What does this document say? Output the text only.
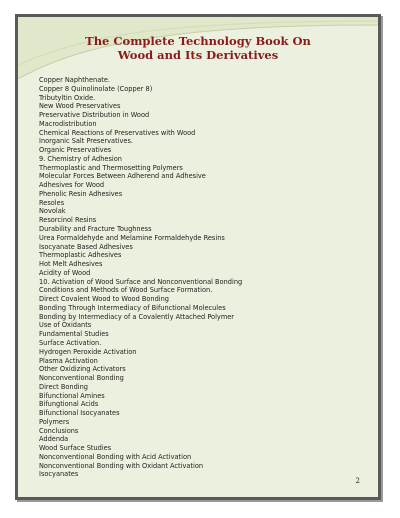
The Complete Technology Book On
Wood and Its Derivatives
Copper Naphthenate.
Copper 8 Quinolinolate (Copper 8)
Tributyltin Oxide.
New Wood Preservatives
Preservative Distribution in Wood
Macrodistribution
Chemical Reactions of Preservatives with Wood
Inorganic Salt Preservatives.
Organic Preservatives
9. Chemistry of Adhesion
Thermoplastic and Thermosetting Polymers
Molecular Forces Between Adherend and Adhesive
Adhesives for Wood
Phenolic Resin Adhesives
Resoles
Novolak
Resorcinol Resins
Durability and Fracture Toughness
Urea Formaldehyde and Melamine Formaldehyde Resins
Isocyanate Based Adhesives
Thermoplastic Adhesives
Hot Melt Adhesives
Acidity of Wood
10. Activation of Wood Surface and Nonconventional Bonding
Conditions and Methods of Wood Surface Formation.
Direct Covalent Wood to Wood Bonding
Bonding Through Intermediacy of Bifunctional Molecules
Bonding by Intermediacy of a Covalently Attached Polymer
Use of Oxidants
Fundamental Studies
Surface Activation.
Hydrogen Peroxide Activation
Plasma Activation
Other Oxidizing Activators
Nonconventional Bonding
Direct Bonding
Bifunctional Amines
Bifungtional Acids
Bifunctional Isocyanates
Polymers
Conclusions
Addenda
Wood Surface Studies
Nonconventional Bonding with Acid Activation
Nonconventional Bonding with Oxidant Activation
Isocyanates
2
